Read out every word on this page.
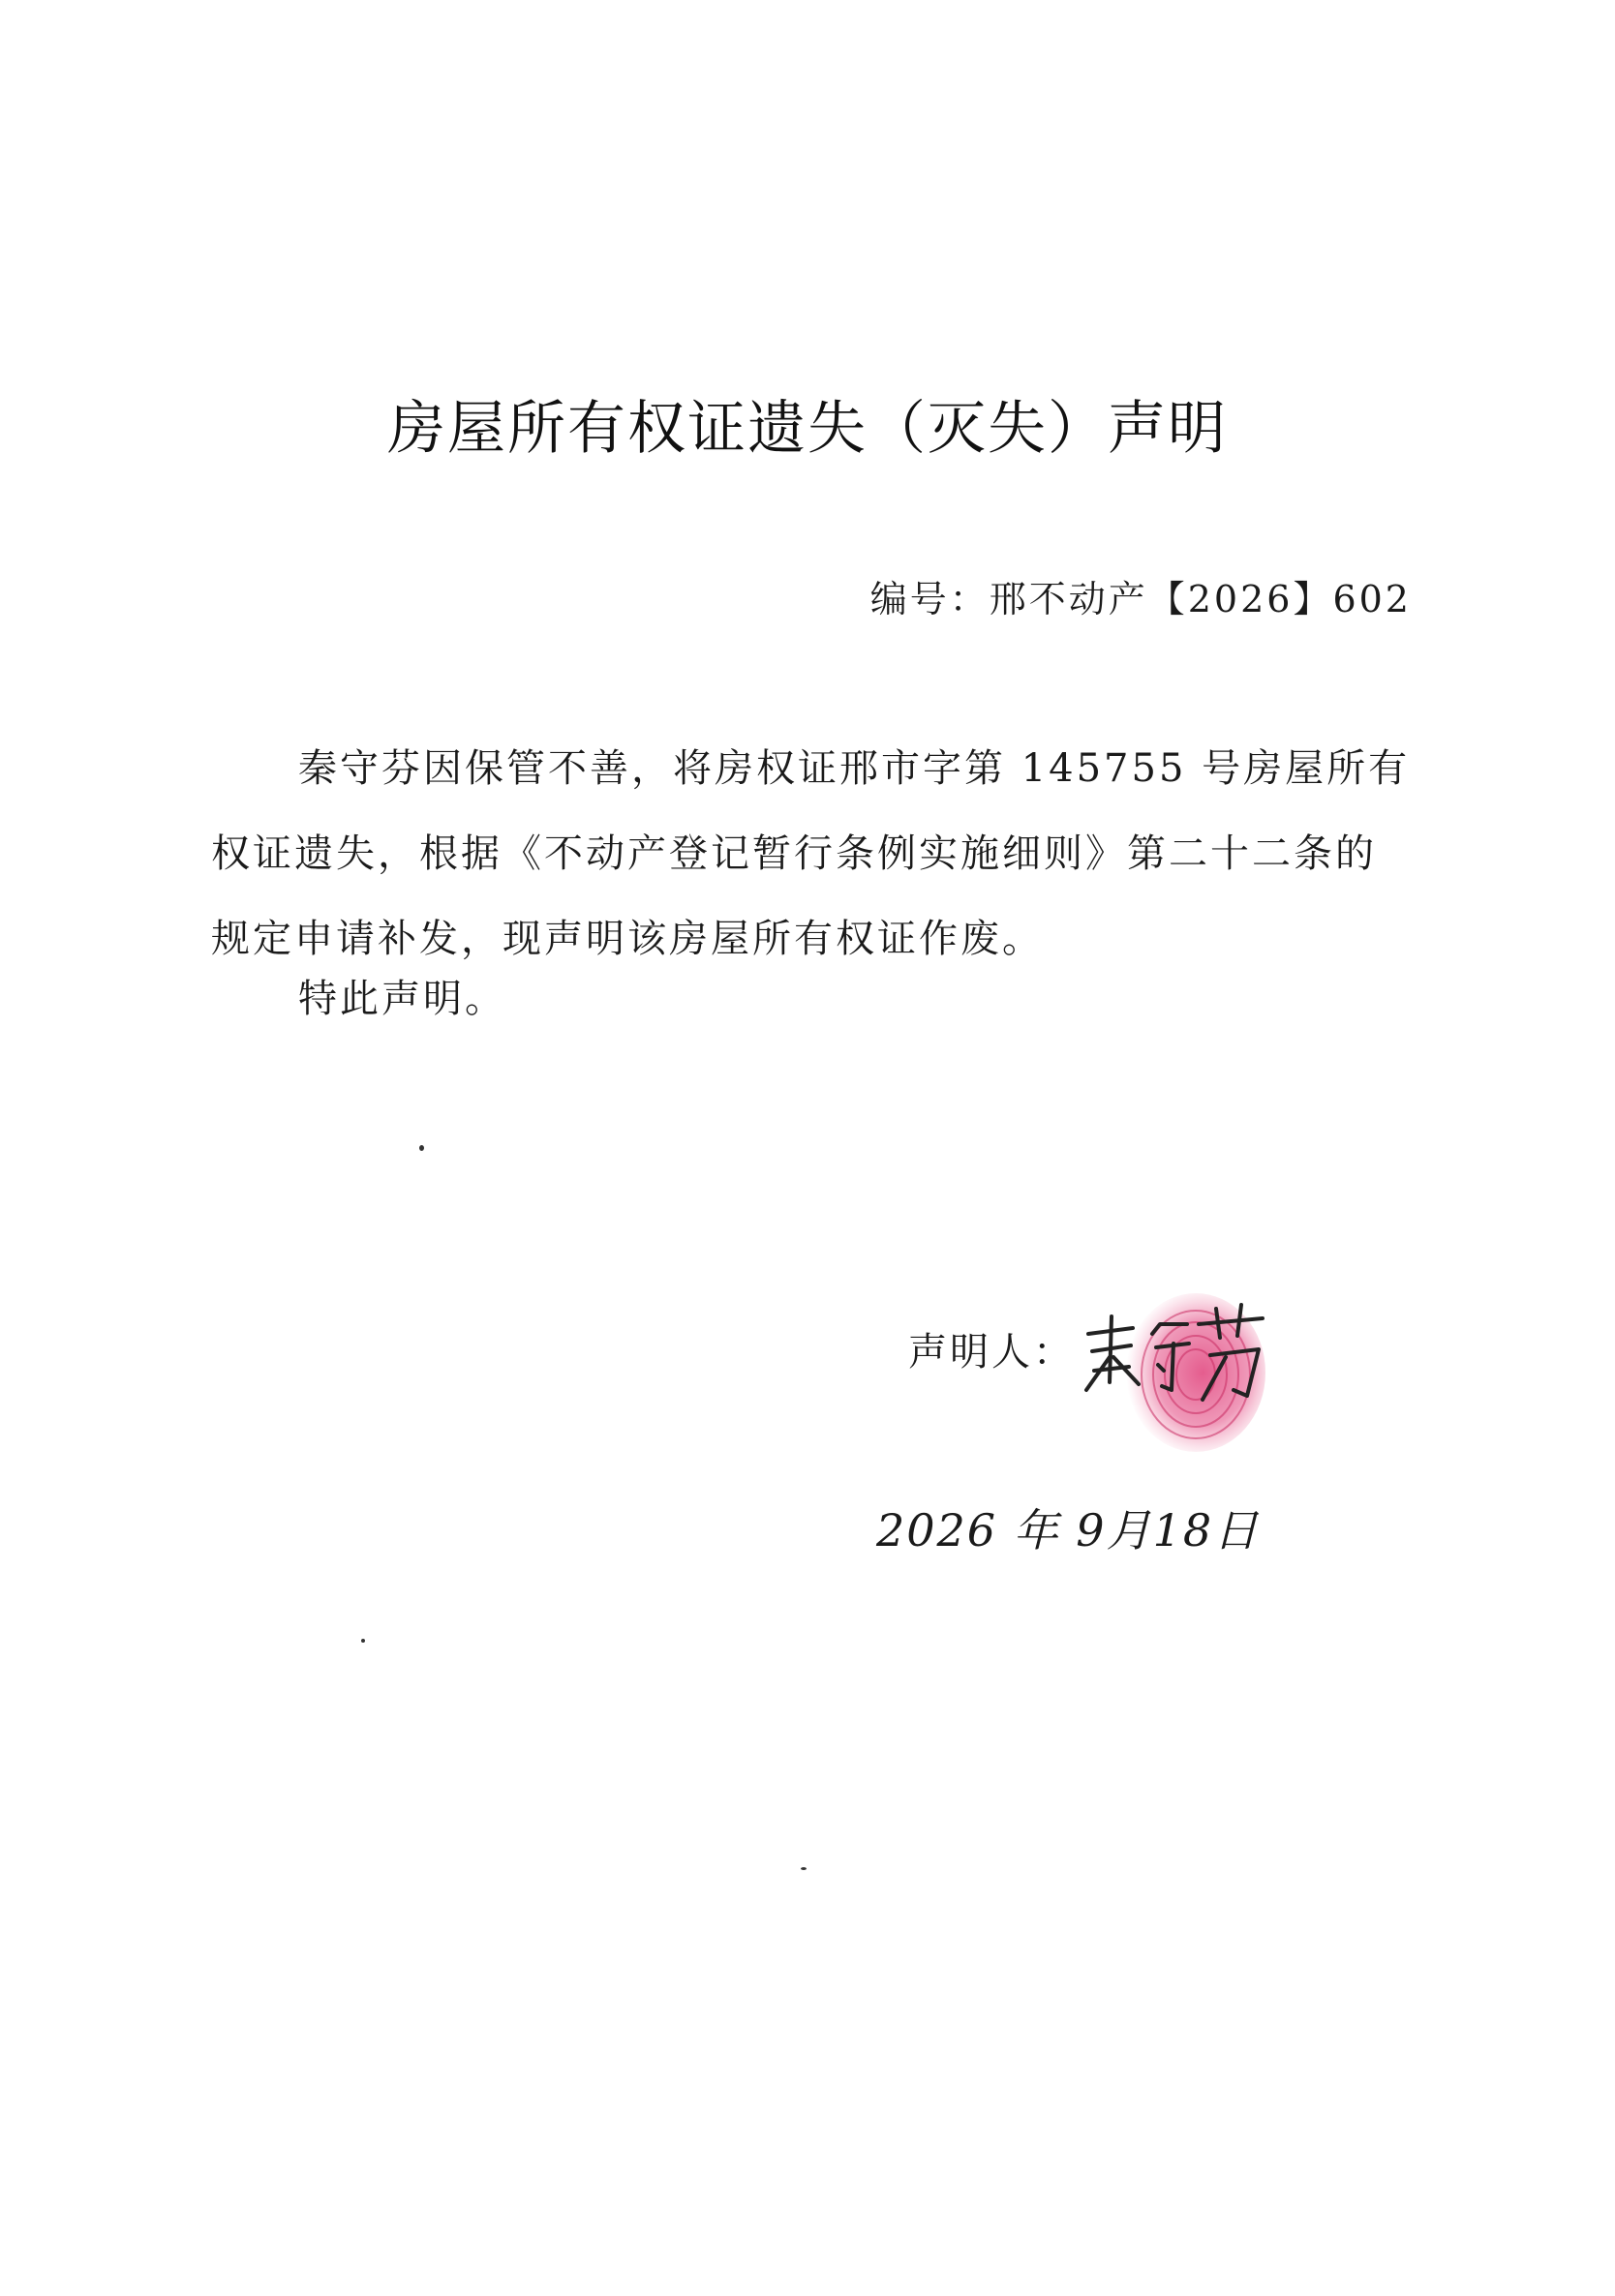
房屋所有权证遗失（灭失）声明
编号：邢不动产【2026】602

秦守芬因保管不善，将房权证邢市字第 145755 号房屋所有权证遗失，根据《不动产登记暂行条例实施细则》第二十二条的规定申请补发，现声明该房屋所有权证作废。

特此声明。
声明人：
2026 年 9月18日
